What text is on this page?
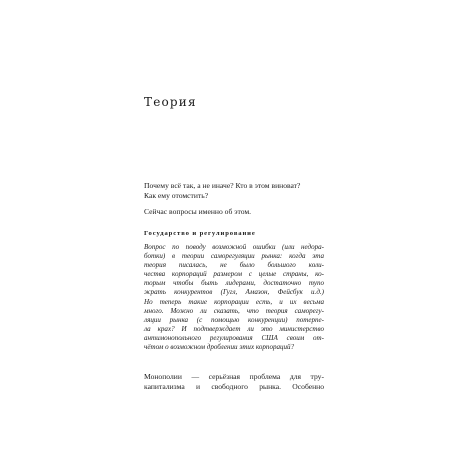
Теория

Почему всё так, а не иначе? Кто в этом виноват?
Как ему отомстить?

Сейчас вопросы именно об этом.

Государство и регулирование

Вопрос по поводу возможной ошибки (или недора-
ботки) в теории саморегуляции рынка: когда эта
теория писалась, не было большого коли-
чества корпораций размером с целые страны, ко-
торым чтобы быть лидерами, достаточно тупо
жрать конкурентов (Гугл, Амазон, Фейсбук и.д.)
Но теперь такие корпорации есть, и их весьма
много. Можно ли сказать, что теория саморегу-
ляции рынка (с помощью конкуренции) потерпе-
ла крах? И подтверждает ли это министерство
антимонопольного регулирования США своим от-
чётом о возможном дроблении этих корпораций?

Монополии — серьёзная проблема для тру-
капитализма и свободного рынка. Особенно
